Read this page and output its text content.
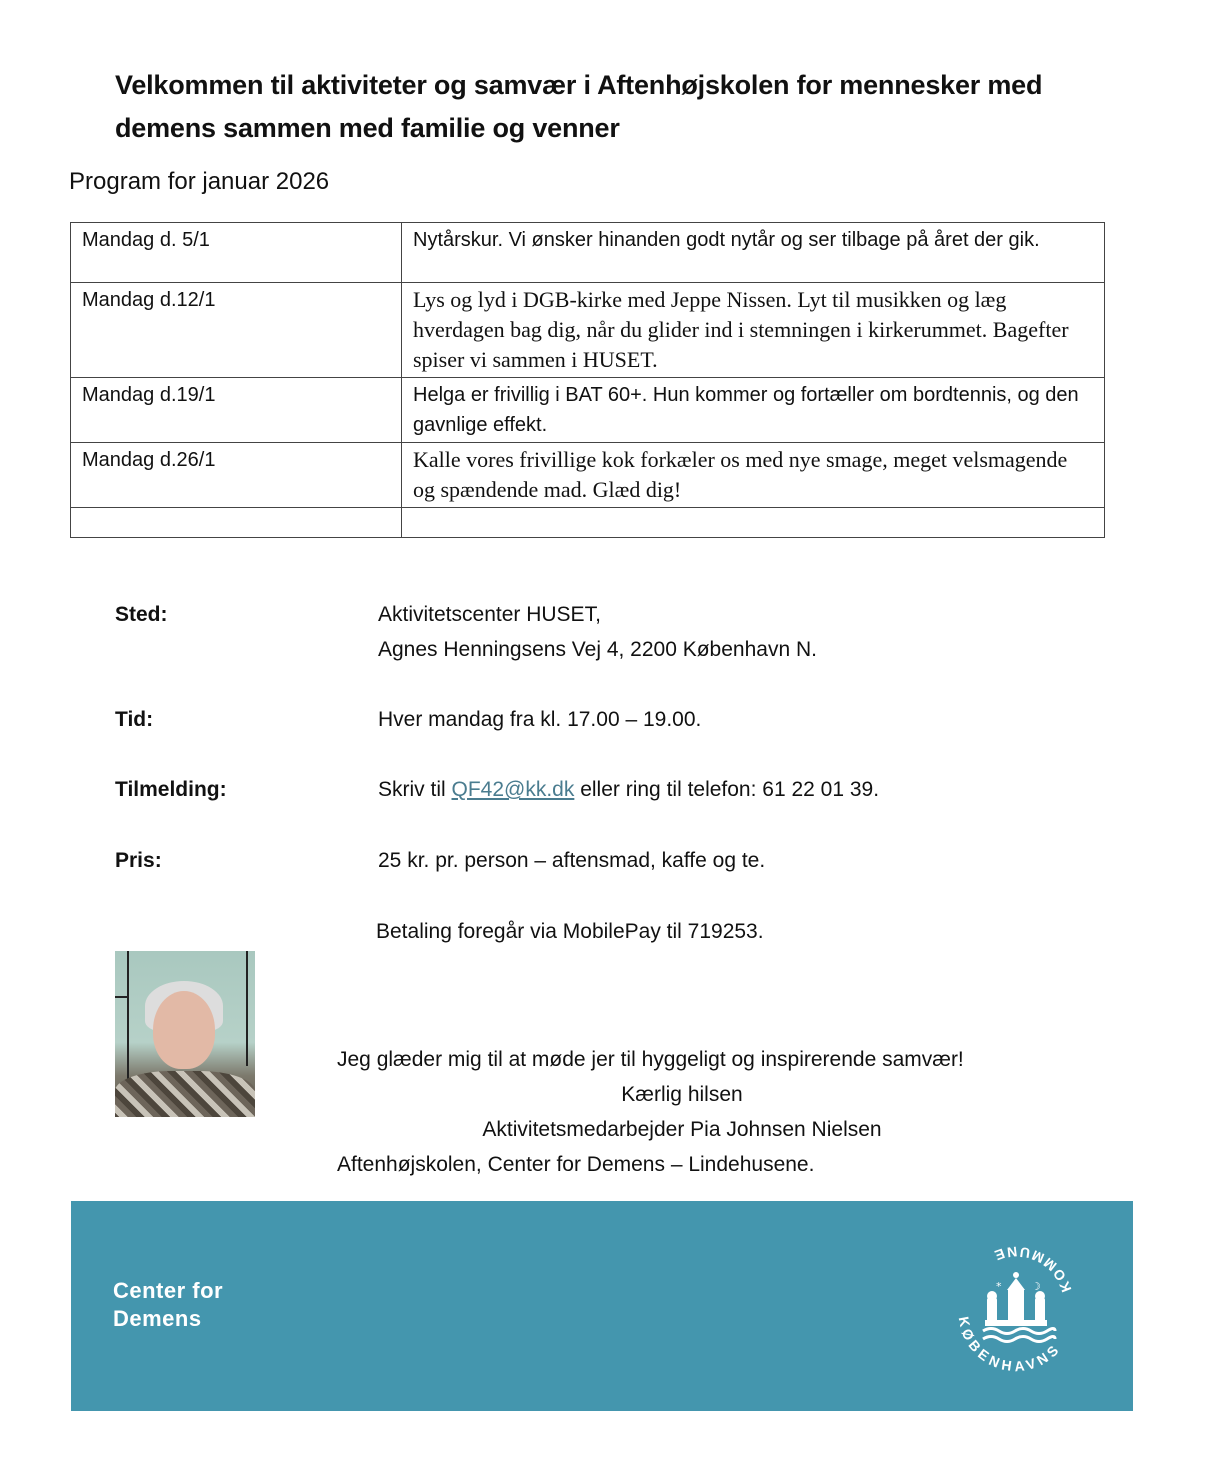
Velkommen til aktiviteter og samvær i Aftenhøjskolen for mennesker med demens sammen med familie og venner
Program for januar 2026
Mandag d. 5/1	Nytårskur. Vi ønsker hinanden godt nytår og ser tilbage på året der gik.
Mandag d.12/1	Lys og lyd i DGB-kirke med Jeppe Nissen. Lyt til musikken og læg hverdagen bag dig, når du glider ind i stemningen i kirkerummet. Bagefter spiser vi sammen i HUSET.
Mandag d.19/1	Helga er frivillig i BAT 60+. Hun kommer og fortæller om bordtennis, og den gavnlige effekt.
Mandag d.26/1	Kalle vores frivillige kok forkæler os med nye smage, meget velsmagende og spændende mad. Glæd dig!

Sted:	Aktivitetscenter HUSET,
Agnes Henningsens Vej 4, 2200 København N.
Tid:	Hver mandag fra kl. 17.00 – 19.00.
Tilmelding:	Skriv til QF42@kk.dk eller ring til telefon: 61 22 01 39.
Pris:	25 kr. pr. person – aftensmad, kaffe og te.
Betaling foregår via MobilePay til 719253.
Jeg glæder mig til at møde jer til hyggeligt og inspirerende samvær!
Kærlig hilsen
Aktivitetsmedarbejder Pia Johnsen Nielsen
Aftenhøjskolen, Center for Demens – Lindehusene.
Center for
Demens
KOMMUNE
KØBENHAVNS
*	☽
